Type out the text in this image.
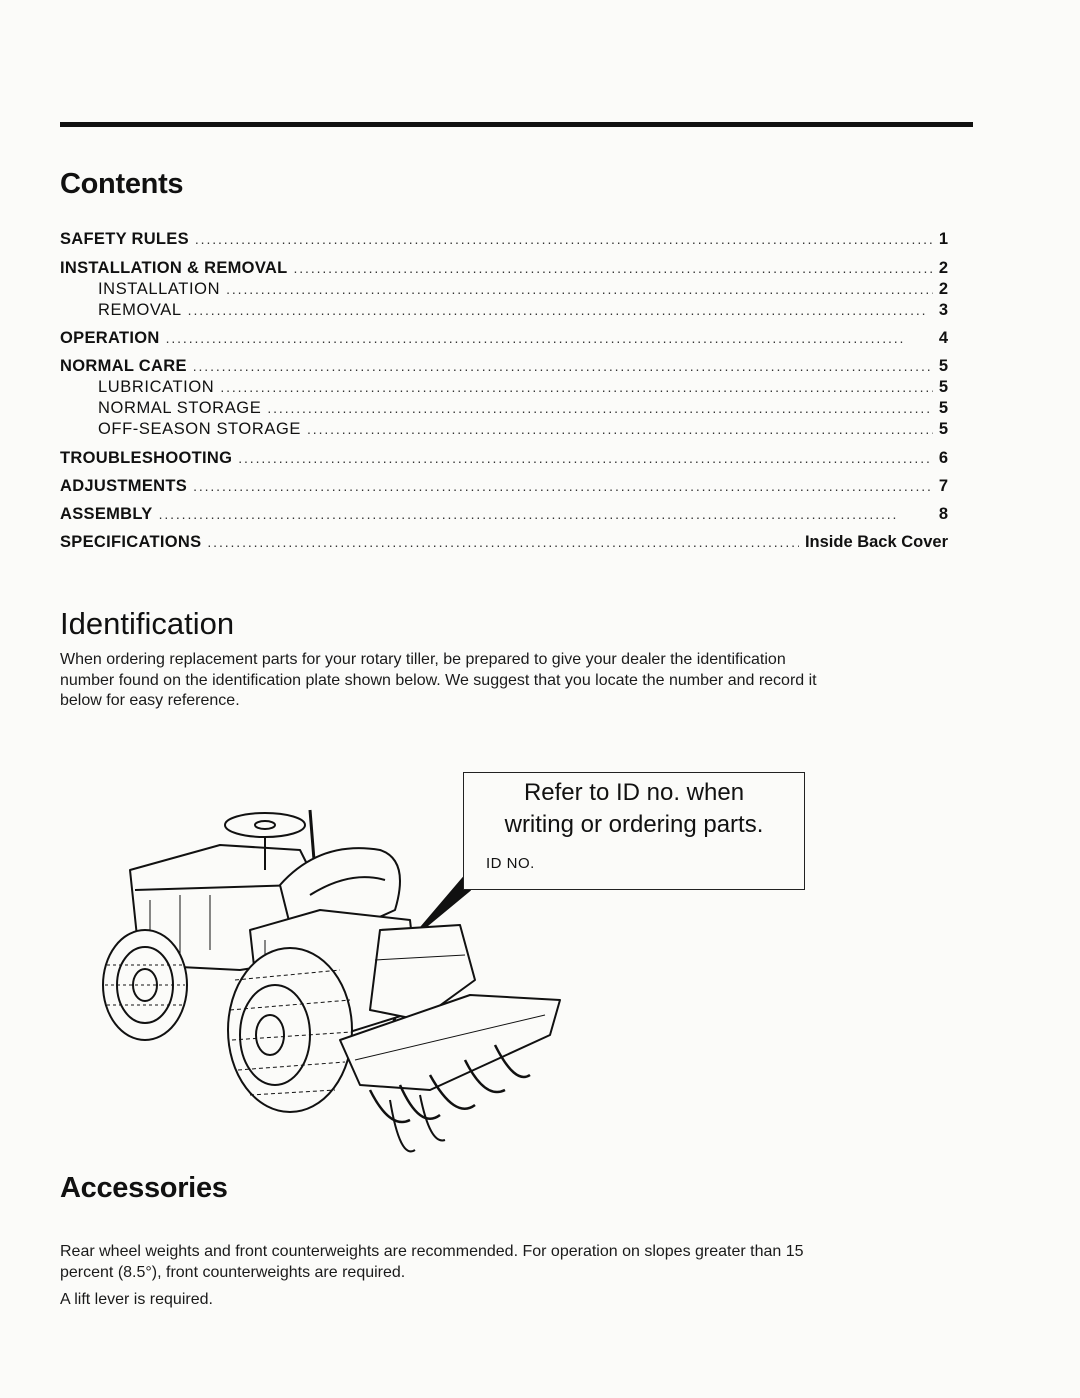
Contents
SAFETY RULES . . .	1
INSTALLATION & REMOVAL . . .	2
INSTALLATION . . .	2
REMOVAL . . .	3
OPERATION . . .	4
NORMAL CARE . . .	5
LUBRICATION . . .	5
NORMAL STORAGE . . .	5
OFF-SEASON STORAGE . . .	5
TROUBLESHOOTING . . .	6
ADJUSTMENTS . . .	7
ASSEMBLY . . .	8
SPECIFICATIONS . . .	Inside Back Cover
Identification
When ordering replacement parts for your rotary tiller, be prepared to give your dealer the identification
number found on the identification plate shown below. We suggest that you locate the number and record it
below for easy reference.
Refer to ID no. when
writing or ordering parts.
ID NO.
Accessories
Rear wheel weights and front counterweights are recommended. For operation on slopes greater than 15
percent (8.5°), front counterweights are required.
A lift lever is required.
